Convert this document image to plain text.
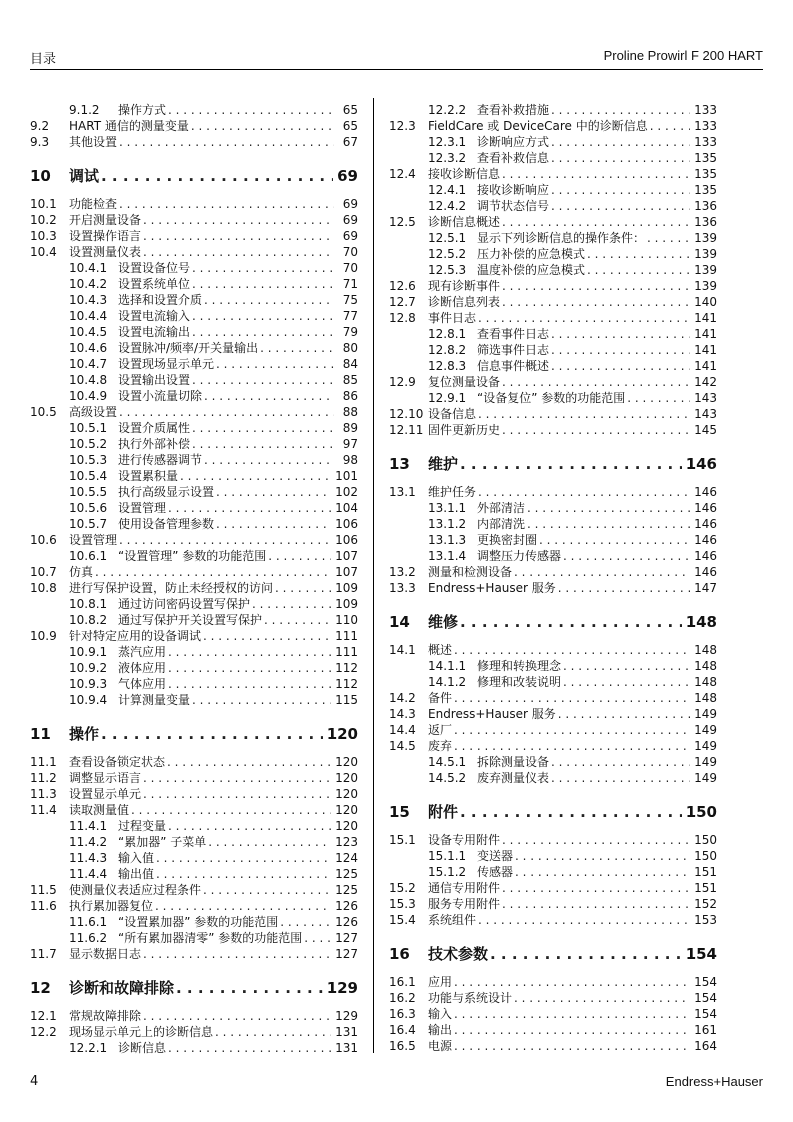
目录	Proline Prowirl F 200 HART
9.1.2	操作方式 . . .	65
9.2	HART 通信的测量变量 . . .	65
9.3	其他设置 . . .	67
10	调试 . . .	69
10.1	功能检查 . . .	69
10.2	开启测量设备 . . .	69
10.3	设置操作语言 . . .	69
10.4	设置测量仪表 . . .	70
10.4.1 设置设备位号 . . .	70
10.4.2 设置系统单位 . . .	71
10.4.3 选择和设置介质 . . .	75
10.4.4 设置电流输入 . . .	77
10.4.5 设置电流输出 . . .	79
10.4.6 设置脉冲/频率/开关量输出 . . .	80
10.4.7 设置现场显示单元 . . .	84
10.4.8 设置输出设置 . . .	85
10.4.9 设置小流量切除 . . .	86
10.5	高级设置 . . .	88
10.5.1 设置介质属性 . . .	89
10.5.2 执行外部补偿 . . .	97
10.5.3 进行传感器调节 . . .	98
10.5.4 设置累积量 . . .	101
10.5.5 执行高级显示设置 . . .	102
10.5.6 设置管理 . . .	104
10.5.7 使用设备管理参数 . . .	106
10.6	设置管理 . . .	106
10.6.1 “设置管理” 参数的功能范围 . . .	107
10.7	仿真 . . .	107
10.8	进行写保护设置，防止未经授权的访问 . . .	109
10.8.1 通过访问密码设置写保护 . . .	109
10.8.2 通过写保护开关设置写保护 . . .	110
10.9	针对特定应用的设备调试 . . .	111
10.9.1 蒸汽应用 . . .	111
10.9.2 液体应用 . . .	112
10.9.3 气体应用 . . .	112
10.9.4 计算测量变量 . . .	115
11	操作 . . .	120
11.1	查看设备锁定状态 . . .	120
11.2	调整显示语言 . . .	120
11.3	设置显示单元 . . .	120
11.4	读取测量值 . . .	120
11.4.1 过程变量 . . .	120
11.4.2 “累加器” 子菜单 . . .	123
11.4.3 输入值 . . .	124
11.4.4 输出值 . . .	125
11.5	使测量仪表适应过程条件 . . .	125
11.6	执行累加器复位 . . .	126
11.6.1 “设置累加器” 参数的功能范围 . . .	126
11.6.2 “所有累加器清零” 参数的功能范围 . . .	127
11.7	显示数据日志 . . .	127
12	诊断和故障排除 . . .	129
12.1	常规故障排除 . . .	129
12.2	现场显示单元上的诊断信息 . . .	131
12.2.1 诊断信息 . . .	131
12.2.2 查看补救措施 . . .	133
12.3	FieldCare 或 DeviceCare 中的诊断信息 . . .	133
12.3.1 诊断响应方式 . . .	133
12.3.2 查看补救信息 . . .	135
12.4	接收诊断信息 . . .	135
12.4.1 接收诊断响应 . . .	135
12.4.2 调节状态信号 . . .	136
12.5	诊断信息概述 . . .	136
12.5.1 显示下列诊断信息的操作条件： . . .	139
12.5.2 压力补偿的应急模式 . . .	139
12.5.3 温度补偿的应急模式 . . .	139
12.6	现有诊断事件 . . .	139
12.7	诊断信息列表 . . .	140
12.8	事件日志 . . .	141
12.8.1 查看事件日志 . . .	141
12.8.2 筛选事件日志 . . .	141
12.8.3 信息事件概述 . . .	141
12.9	复位测量设备 . . .	142
12.9.1 “设备复位” 参数的功能范围 . . .	143
12.10 设备信息 . . .	143
12.11 固件更新历史 . . .	145
13	维护 . . .	146
13.1	维护任务 . . .	146
13.1.1 外部清洁 . . .	146
13.1.2 内部清洗 . . .	146
13.1.3 更换密封圈 . . .	146
13.1.4 调整压力传感器 . . .	146
13.2	测量和检测设备 . . .	146
13.3	Endress+Hauser 服务 . . .	147
14	维修 . . .	148
14.1	概述 . . .	148
14.1.1 修理和转换理念 . . .	148
14.1.2 修理和改装说明 . . .	148
14.2	备件 . . .	148
14.3	Endress+Hauser 服务 . . .	149
14.4	返厂 . . .	149
14.5	废弃 . . .	149
14.5.1 拆除测量设备 . . .	149
14.5.2 废弃测量仪表 . . .	149
15	附件 . . .	150
15.1	设备专用附件 . . .	150
15.1.1 变送器 . . .	150
15.1.2 传感器 . . .	151
15.2	通信专用附件 . . .	151
15.3	服务专用附件 . . .	152
15.4	系统组件 . . .	153
16	技术参数 . . .	154
16.1	应用 . . .	154
16.2	功能与系统设计 . . .	154
16.3	输入 . . .	154
16.4	输出 . . .	161
16.5	电源 . . .	164
4	Endress+Hauser
